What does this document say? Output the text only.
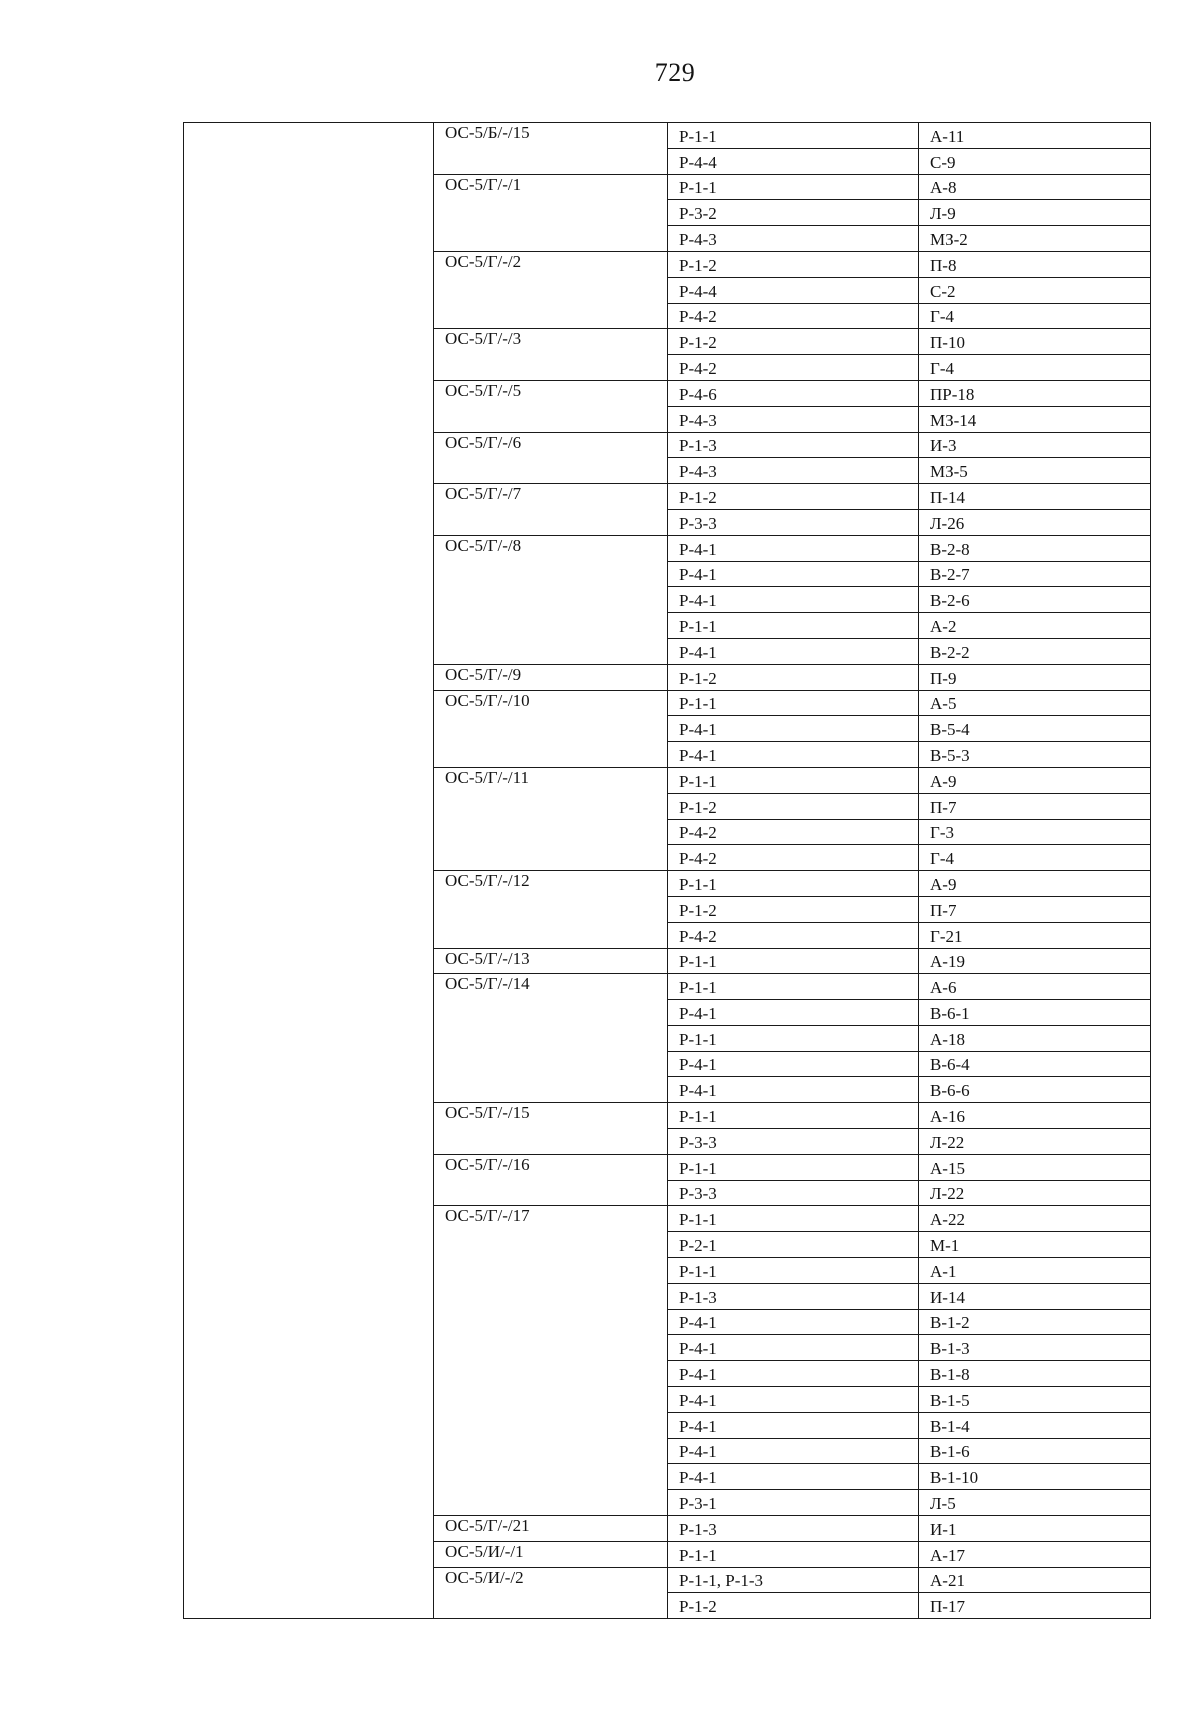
729
	ОС-5/Б/-/15	Р-1-1	А-11
		Р-4-4	С-9
	ОС-5/Г/-/1	Р-1-1	А-8
		Р-3-2	Л-9
		Р-4-3	МЗ-2
	ОС-5/Г/-/2	Р-1-2	П-8
		Р-4-4	С-2
		Р-4-2	Г-4
	ОС-5/Г/-/3	Р-1-2	П-10
		Р-4-2	Г-4
	ОС-5/Г/-/5	Р-4-6	ПР-18
		Р-4-3	МЗ-14
	ОС-5/Г/-/6	Р-1-3	И-3
		Р-4-3	МЗ-5
	ОС-5/Г/-/7	Р-1-2	П-14
		Р-3-3	Л-26
	ОС-5/Г/-/8	Р-4-1	В-2-8
		Р-4-1	В-2-7
		Р-4-1	В-2-6
		Р-1-1	А-2
		Р-4-1	В-2-2
	ОС-5/Г/-/9	Р-1-2	П-9
	ОС-5/Г/-/10	Р-1-1	А-5
		Р-4-1	В-5-4
		Р-4-1	В-5-3
	ОС-5/Г/-/11	Р-1-1	А-9
		Р-1-2	П-7
		Р-4-2	Г-3
		Р-4-2	Г-4
	ОС-5/Г/-/12	Р-1-1	А-9
		Р-1-2	П-7
		Р-4-2	Г-21
	ОС-5/Г/-/13	Р-1-1	А-19
	ОС-5/Г/-/14	Р-1-1	А-6
		Р-4-1	В-6-1
		Р-1-1	А-18
		Р-4-1	В-6-4
		Р-4-1	В-6-6
	ОС-5/Г/-/15	Р-1-1	А-16
		Р-3-3	Л-22
	ОС-5/Г/-/16	Р-1-1	А-15
		Р-3-3	Л-22
	ОС-5/Г/-/17	Р-1-1	А-22
		Р-2-1	М-1
		Р-1-1	А-1
		Р-1-3	И-14
		Р-4-1	В-1-2
		Р-4-1	В-1-3
		Р-4-1	В-1-8
		Р-4-1	В-1-5
		Р-4-1	В-1-4
		Р-4-1	В-1-6
		Р-4-1	В-1-10
		Р-3-1	Л-5
	ОС-5/Г/-/21	Р-1-3	И-1
	ОС-5/И/-/1	Р-1-1	А-17
	ОС-5/И/-/2	Р-1-1, Р-1-3	А-21
		Р-1-2	П-17
